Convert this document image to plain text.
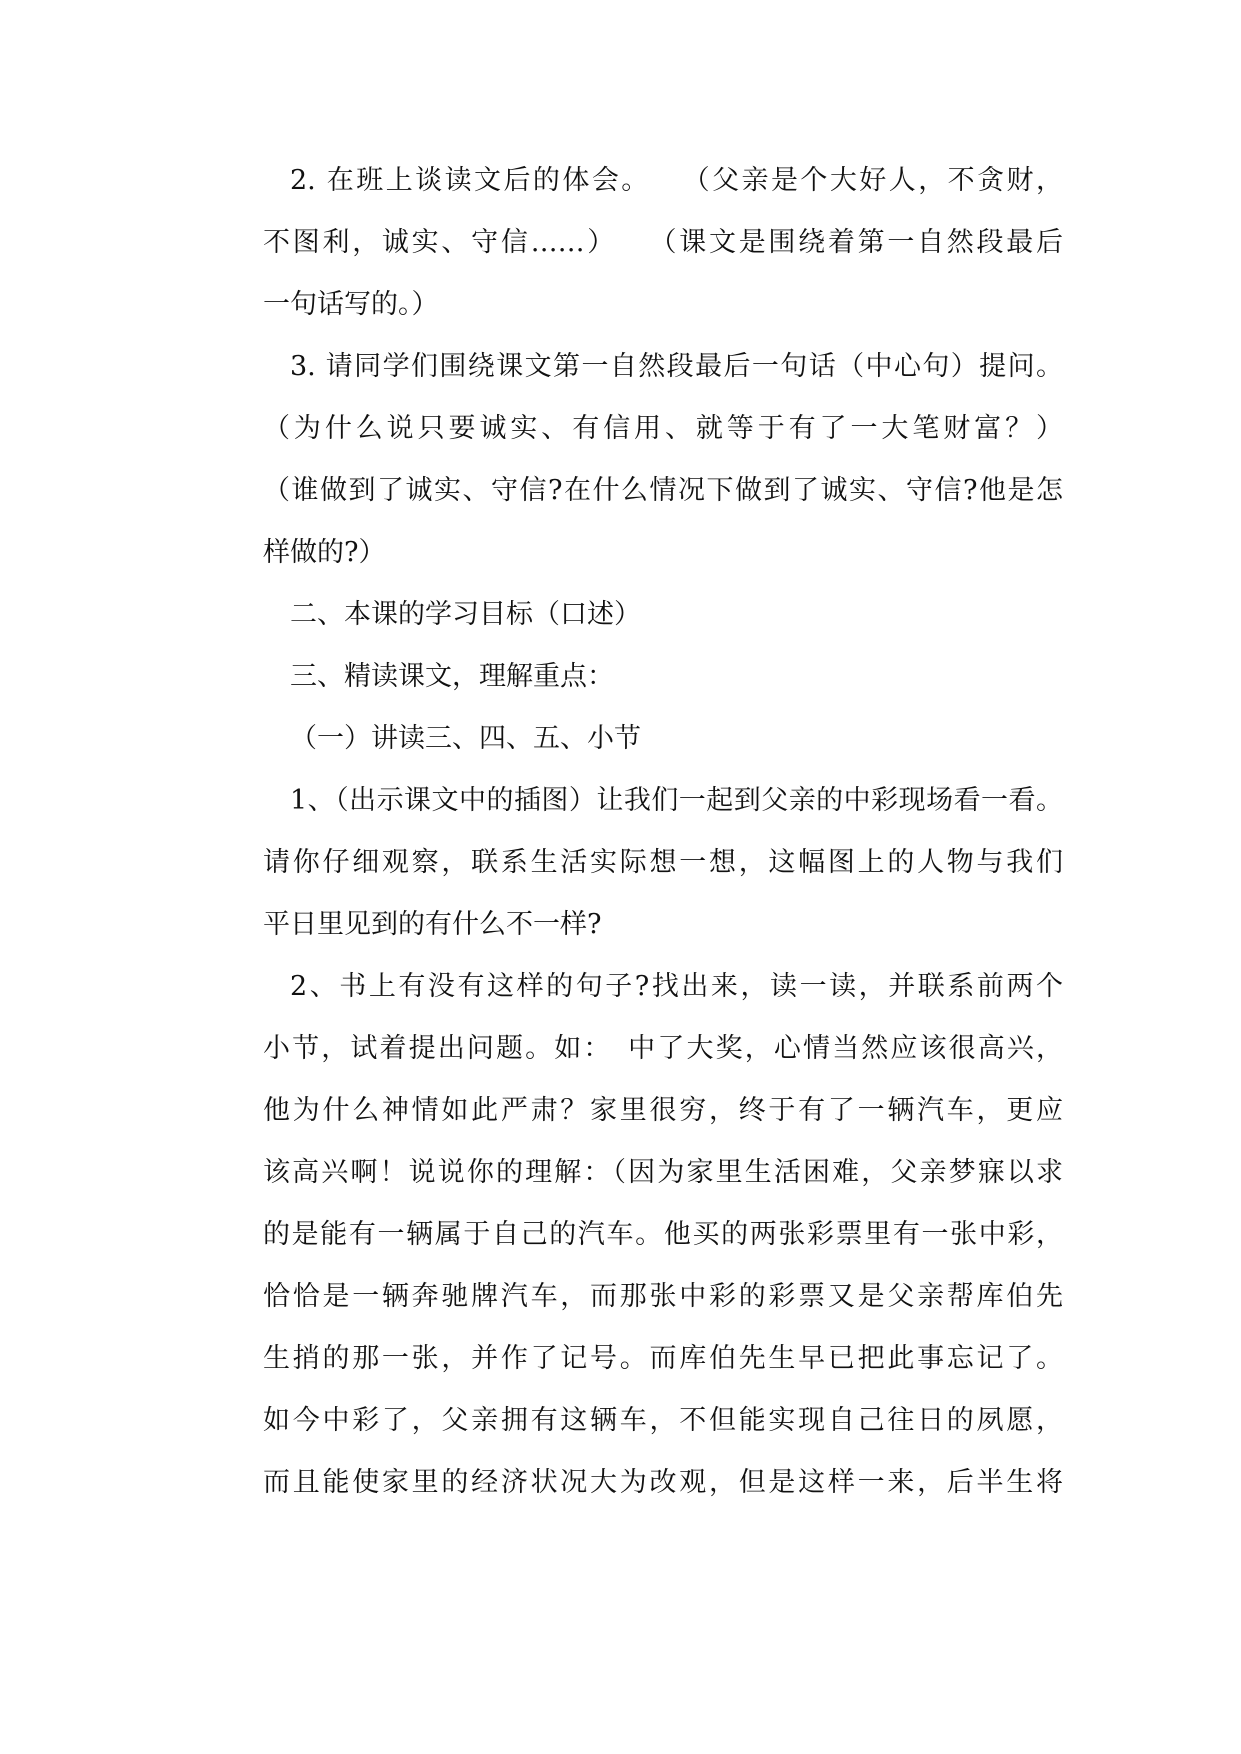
2. 在班上谈读文后的体会。　　（父亲是个大好人，不贪财，
不图利，诚实、守信……）　　（课文是围绕着第一自然段最后
一句话写的。）
3. 请同学们围绕课文第一自然段最后一句话（中心句）提问。
（为什么说只要诚实、有信用、就等于有了一大笔财富？）
（谁做到了诚实、守信?在什么情况下做到了诚实、守信?他是怎
样做的?）
二、本课的学习目标（口述）
三、精读课文，理解重点：
（一）讲读三、四、五、小节
1、（出示课文中的插图）让我们一起到父亲的中彩现场看一看。
请你仔细观察，联系生活实际想一想，这幅图上的人物与我们
平日里见到的有什么不一样?
2、书上有没有这样的句子?找出来，读一读，并联系前两个
小节，试着提出问题。如：　中了大奖，心情当然应该很高兴，
他为什么神情如此严肃？家里很穷，终于有了一辆汽车，更应
该高兴啊！说说你的理解：（因为家里生活困难，父亲梦寐以求
的是能有一辆属于自己的汽车。他买的两张彩票里有一张中彩，
恰恰是一辆奔驰牌汽车，而那张中彩的彩票又是父亲帮库伯先
生捎的那一张，并作了记号。而库伯先生早已把此事忘记了。
如今中彩了，父亲拥有这辆车，不但能实现自己往日的夙愿，
而且能使家里的经济状况大为改观，但是这样一来，后半生将
